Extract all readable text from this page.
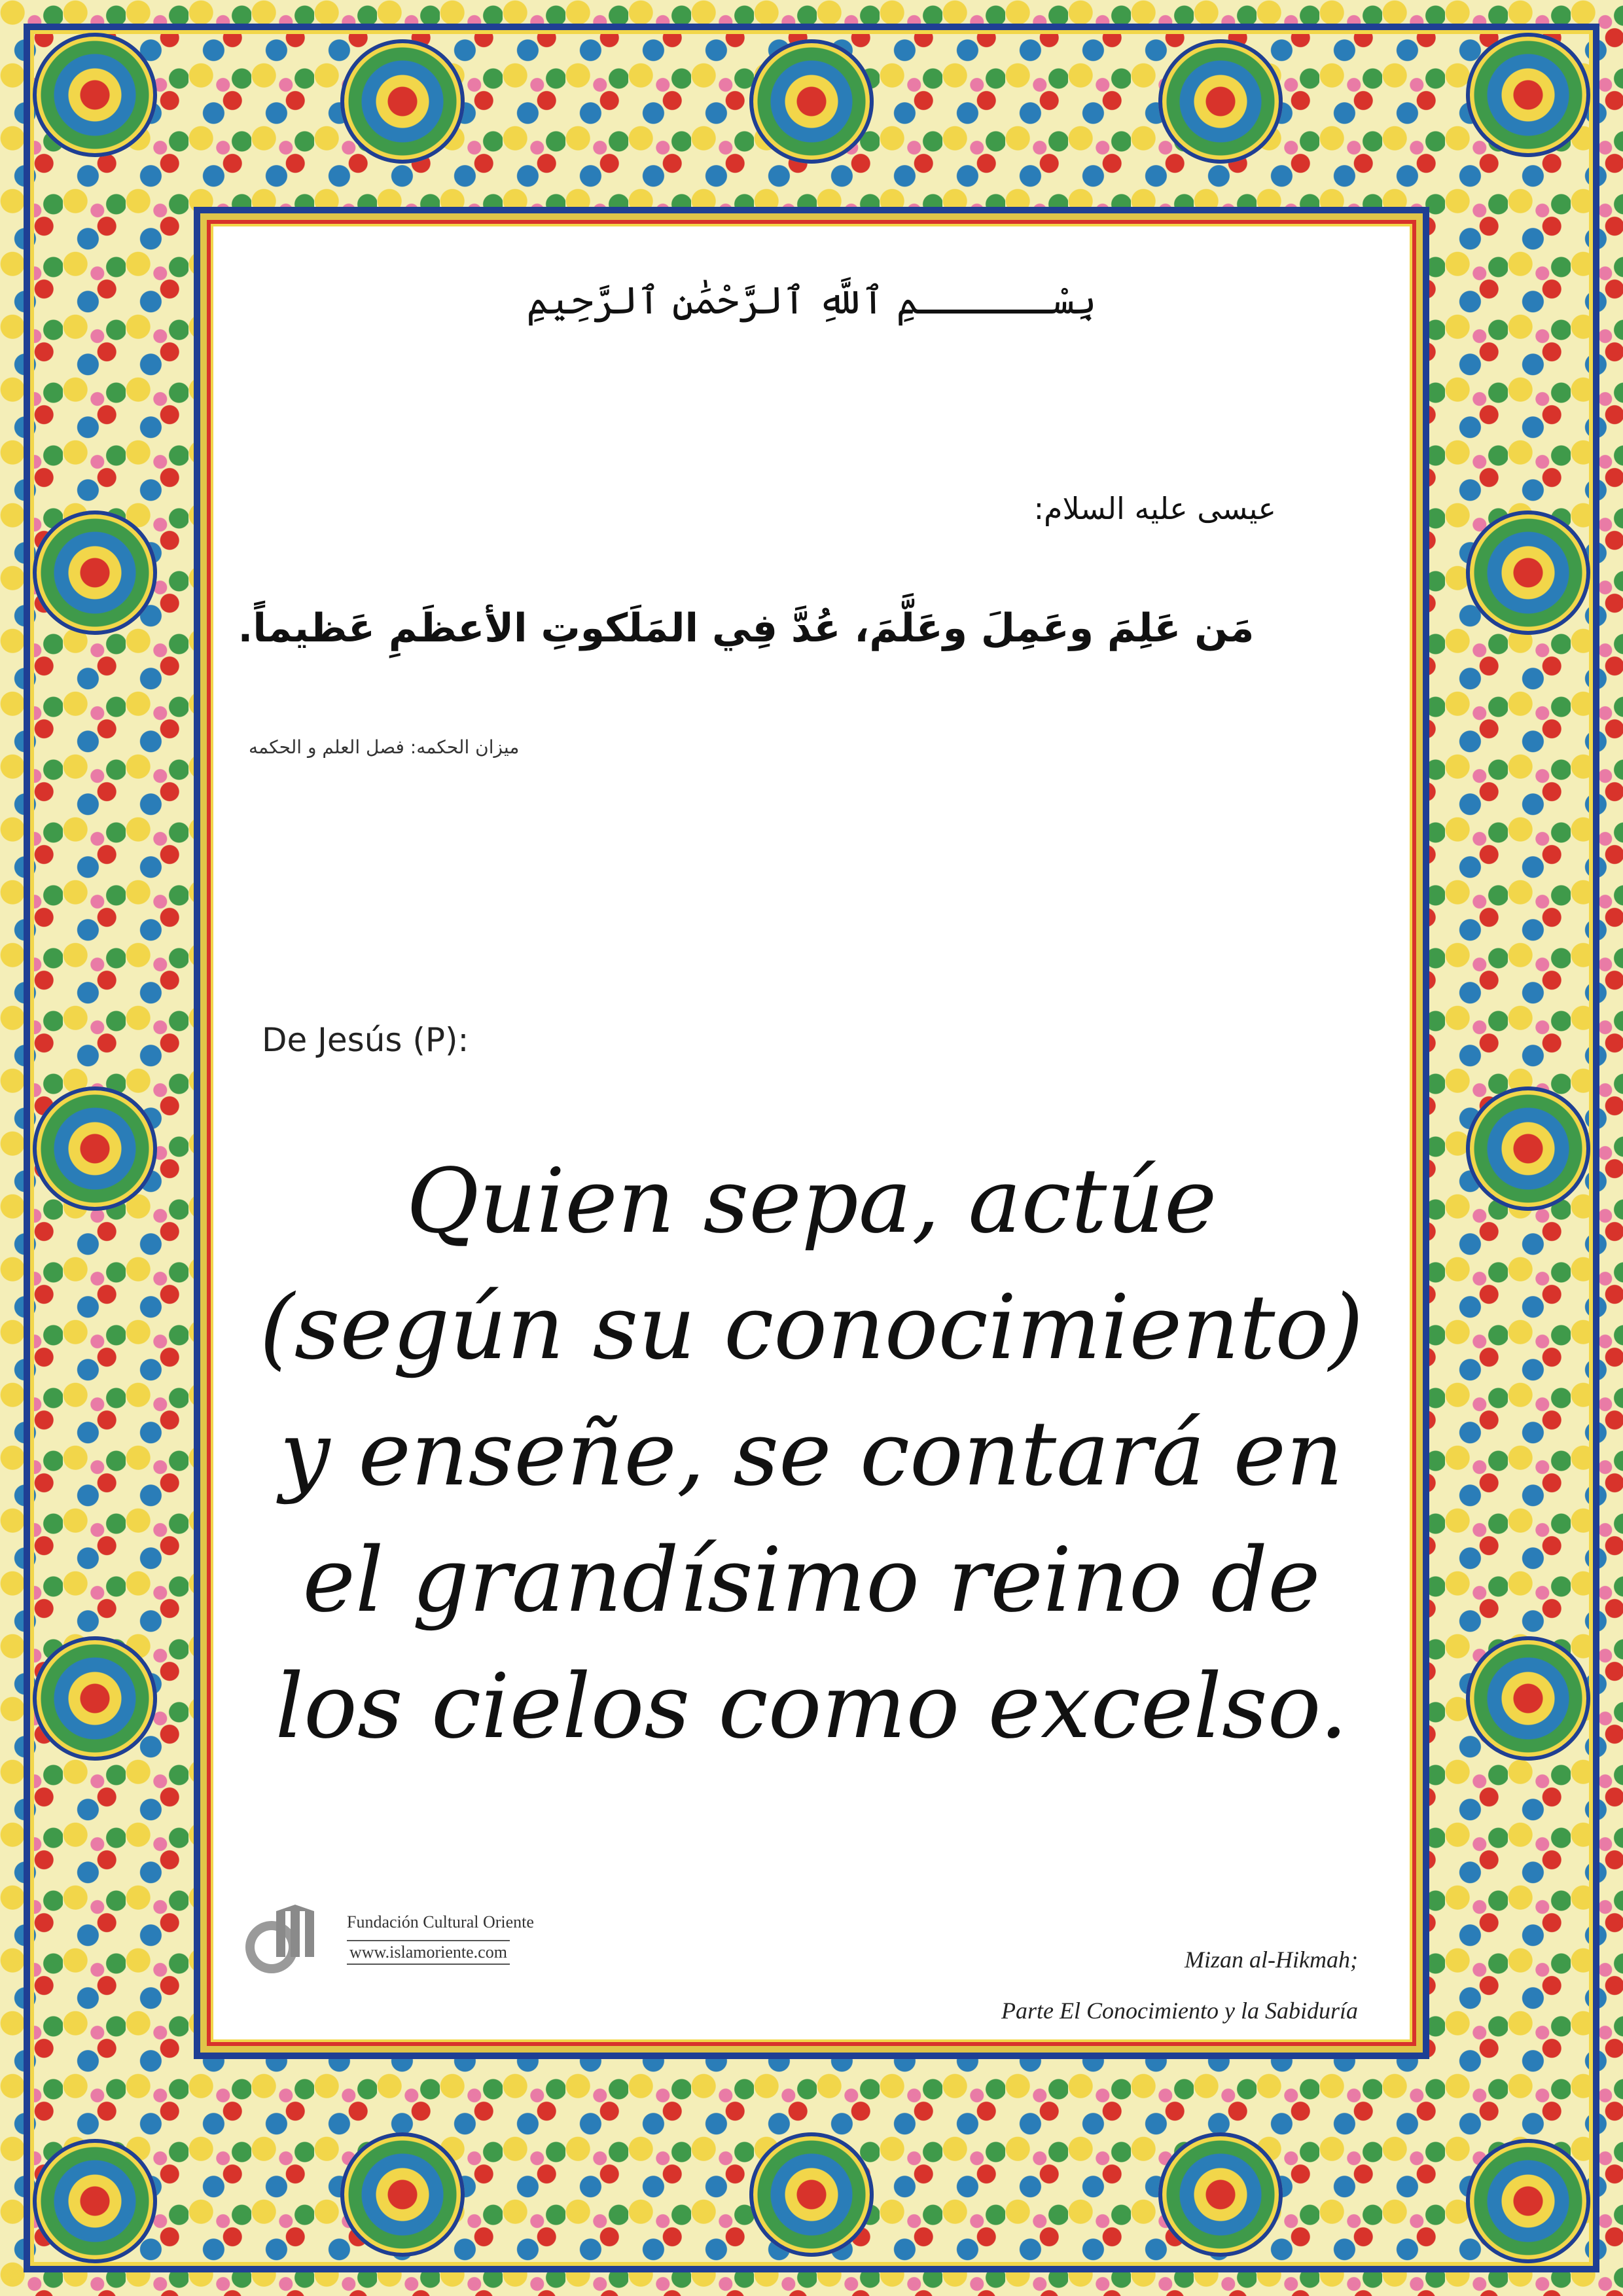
بِسْــــــمِ ٱللَّهِ ٱلرَّحْمَٰنِ ٱلرَّحِيمِ
عيسى عليه السلام:
مَن عَلِمَ وعَمِلَ وعَلَّمَ، عُدَّ فِي المَلَكوتِ الأعظَمِ عَظيماً.
ميزان الحكمه: فصل العلم و الحكمه
De Jesús (P):
Quien sepa, actúe
(según su conocimiento)
y enseñe, se contará en
el grandísimo reino de
los cielos como excelso.
Fundación Cultural Oriente
www.islamoriente.com	Mizan al-Hikmah;
Parte El Conocimiento y la Sabiduría
